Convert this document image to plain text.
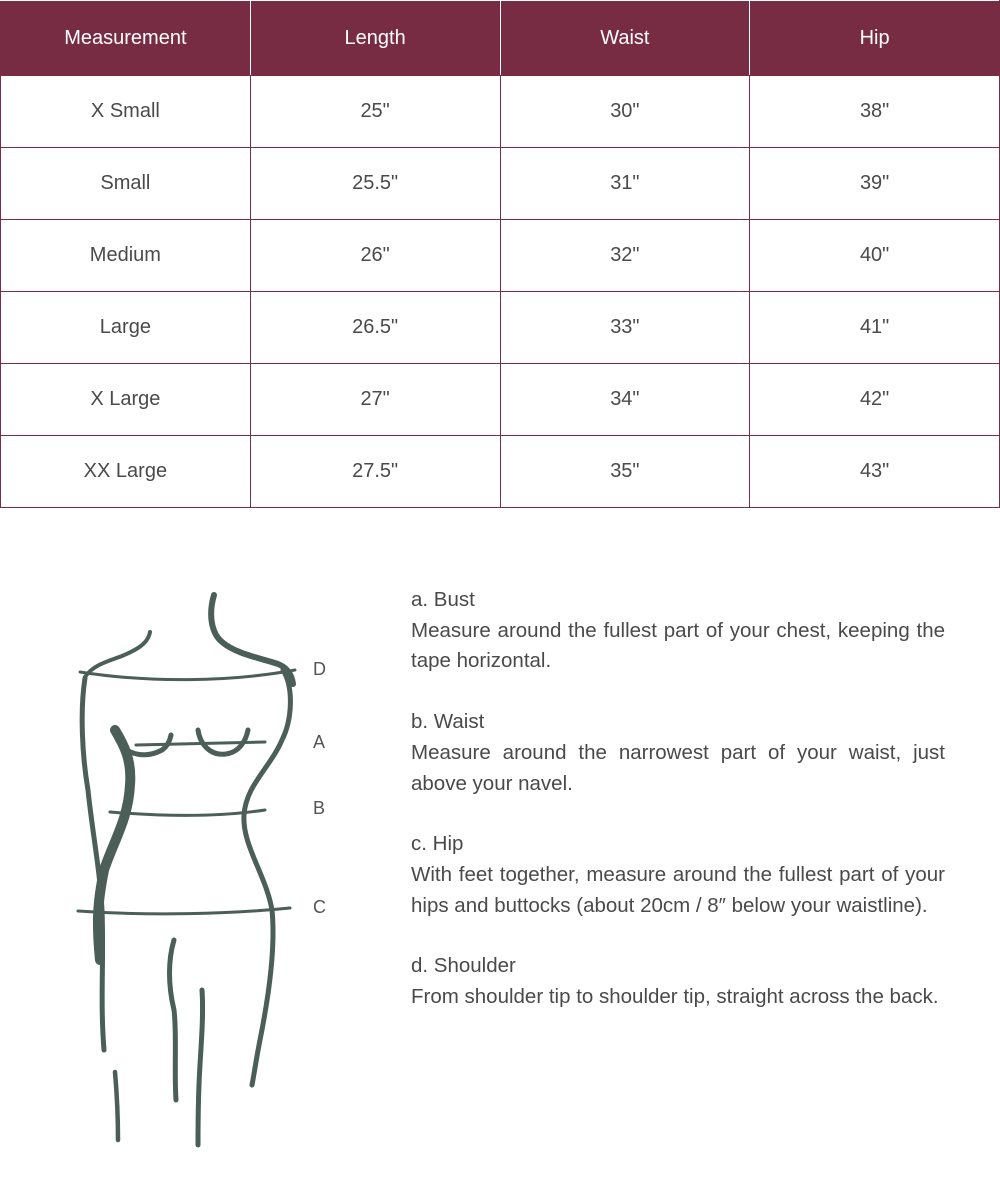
Measurement	Length	Waist	Hip
X Small	25"	30"	38"
Small	25.5"	31"	39"
Medium	26"	32"	40"
Large	26.5"	33"	41"
X Large	27"	34"	42"
XX Large	27.5"	35"	43"
D
A
B
C
a. Bust
Measure around the fullest part of your chest, keeping the tape horizontal.
b. Waist
Measure around the narrowest part of your waist, just above your navel.
c. Hip
With feet together, measure around the fullest part of your hips and buttocks (about 20cm / 8″ below your waistline).
d. Shoulder
From shoulder tip to shoulder tip, straight across the back.
